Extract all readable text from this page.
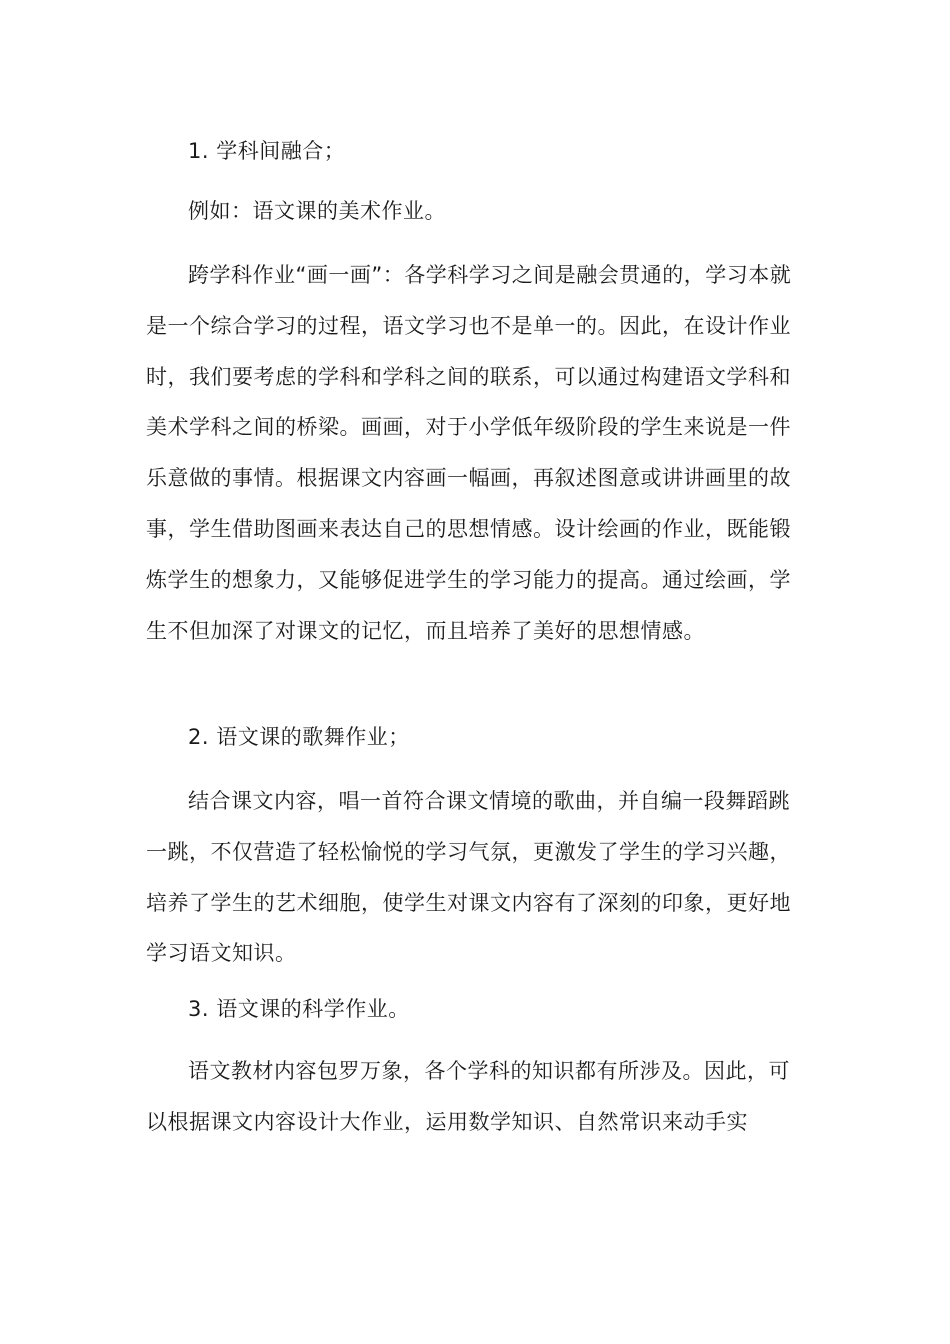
1. 学科间融合；

例如：语文课的美术作业。

跨学科作业“画一画”：各学科学习之间是融会贯通的，学习本就是一个综合学习的过程，语文学习也不是单一的。因此，在设计作业时，我们要考虑的学科和学科之间的联系，可以通过构建语文学科和美术学科之间的桥梁。画画，对于小学低年级阶段的学生来说是一件乐意做的事情。根据课文内容画一幅画，再叙述图意或讲讲画里的故事，学生借助图画来表达自己的思想情感。设计绘画的作业，既能锻炼学生的想象力，又能够促进学生的学习能力的提高。通过绘画，学生不但加深了对课文的记忆，而且培养了美好的思想情感。

2. 语文课的歌舞作业；

结合课文内容，唱一首符合课文情境的歌曲，并自编一段舞蹈跳一跳，不仅营造了轻松愉悦的学习气氛，更激发了学生的学习兴趣，培养了学生的艺术细胞，使学生对课文内容有了深刻的印象，更好地学习语文知识。

3. 语文课的科学作业。

语文教材内容包罗万象，各个学科的知识都有所涉及。因此，可以根据课文内容设计大作业，运用数学知识、自然常识来动手实
